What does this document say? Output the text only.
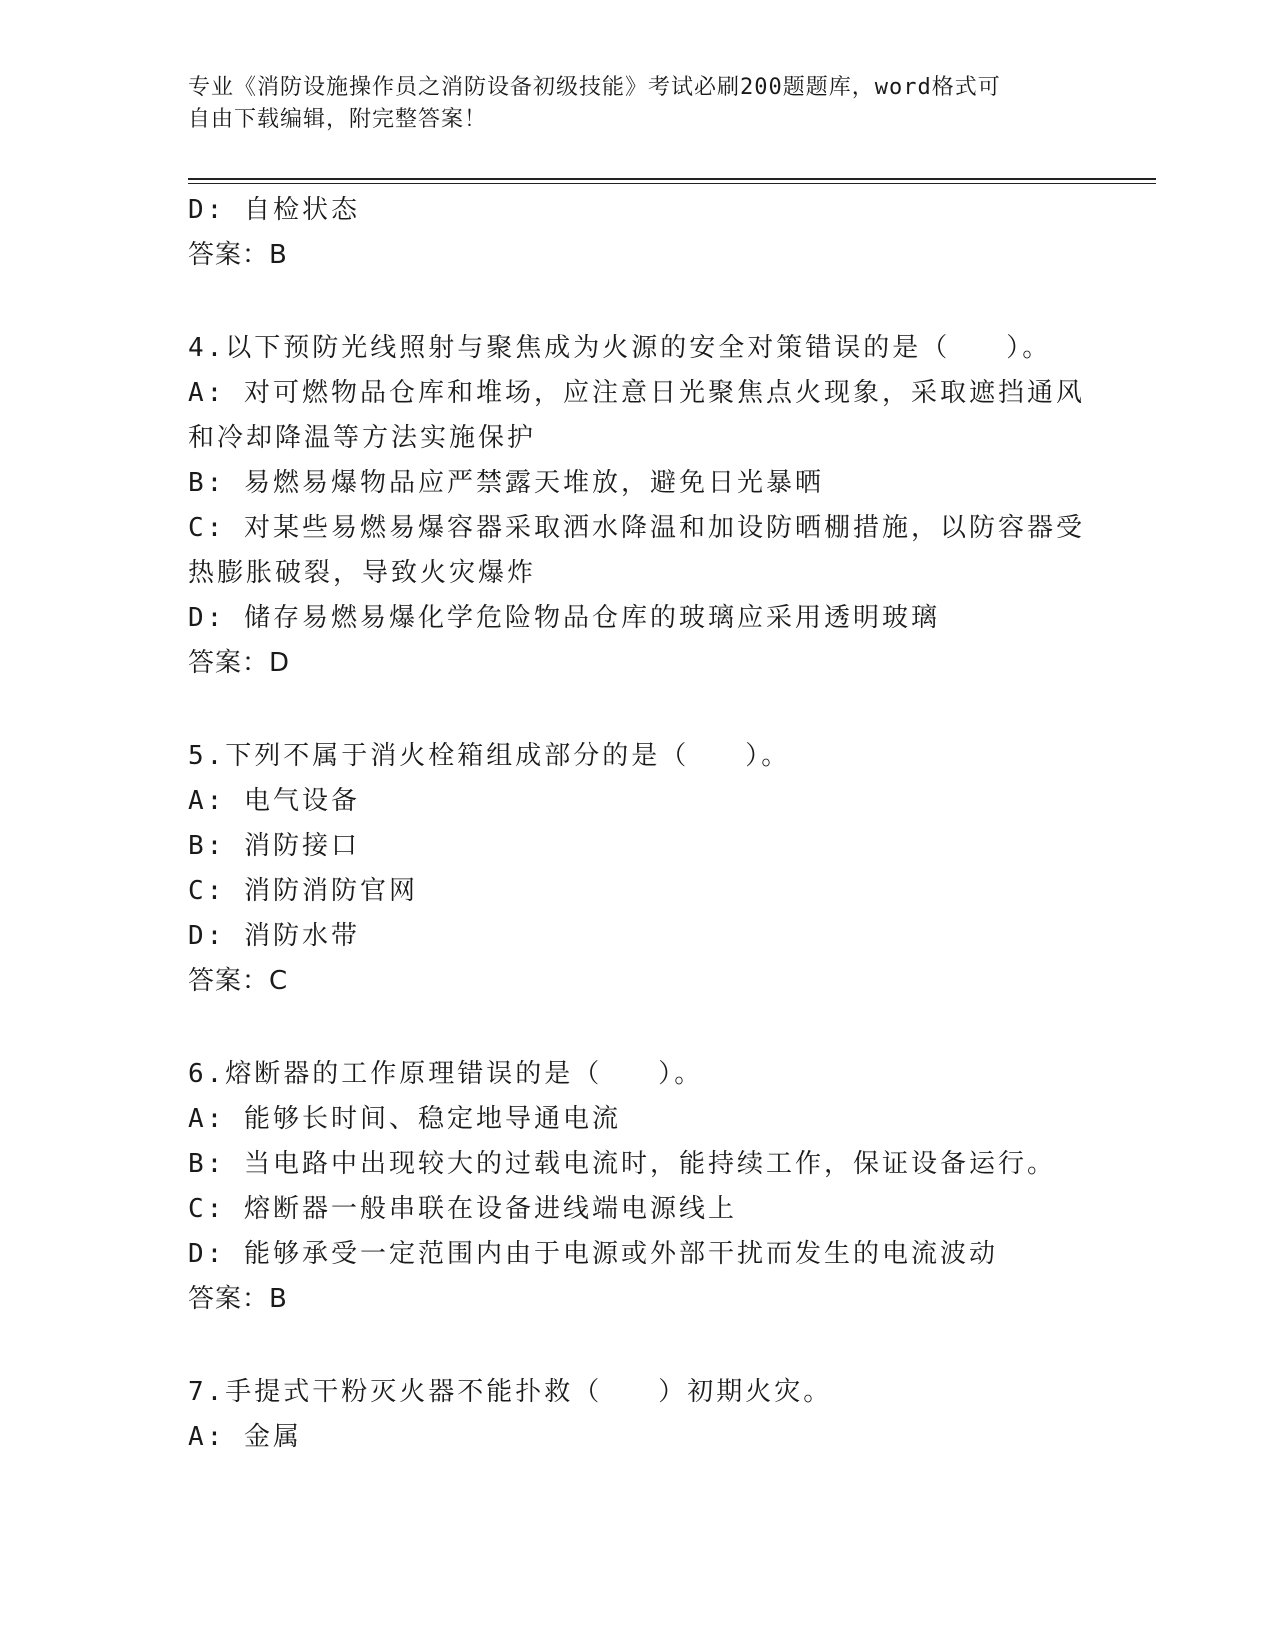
专业《消防设施操作员之消防设备初级技能》考试必刷200题题库，word格式可
自由下载编辑，附完整答案！
D: 自检状态
答案：B
4.以下预防光线照射与聚焦成为火源的安全对策错误的是（   ）。
A: 对可燃物品仓库和堆场，应注意日光聚焦点火现象，采取遮挡通风
和冷却降温等方法实施保护
B: 易燃易爆物品应严禁露天堆放，避免日光暴晒
C: 对某些易燃易爆容器采取洒水降温和加设防晒棚措施，以防容器受
热膨胀破裂，导致火灾爆炸
D: 储存易燃易爆化学危险物品仓库的玻璃应采用透明玻璃
答案：D
5.下列不属于消火栓箱组成部分的是（   ）。
A: 电气设备
B: 消防接口
C: 消防消防官网
D: 消防水带
答案：C
6.熔断器的工作原理错误的是（   ）。
A: 能够长时间、稳定地导通电流
B: 当电路中出现较大的过载电流时，能持续工作，保证设备运行。
C: 熔断器一般串联在设备进线端电源线上
D: 能够承受一定范围内由于电源或外部干扰而发生的电流波动
答案：B
7.手提式干粉灭火器不能扑救（   ）初期火灾。
A: 金属
